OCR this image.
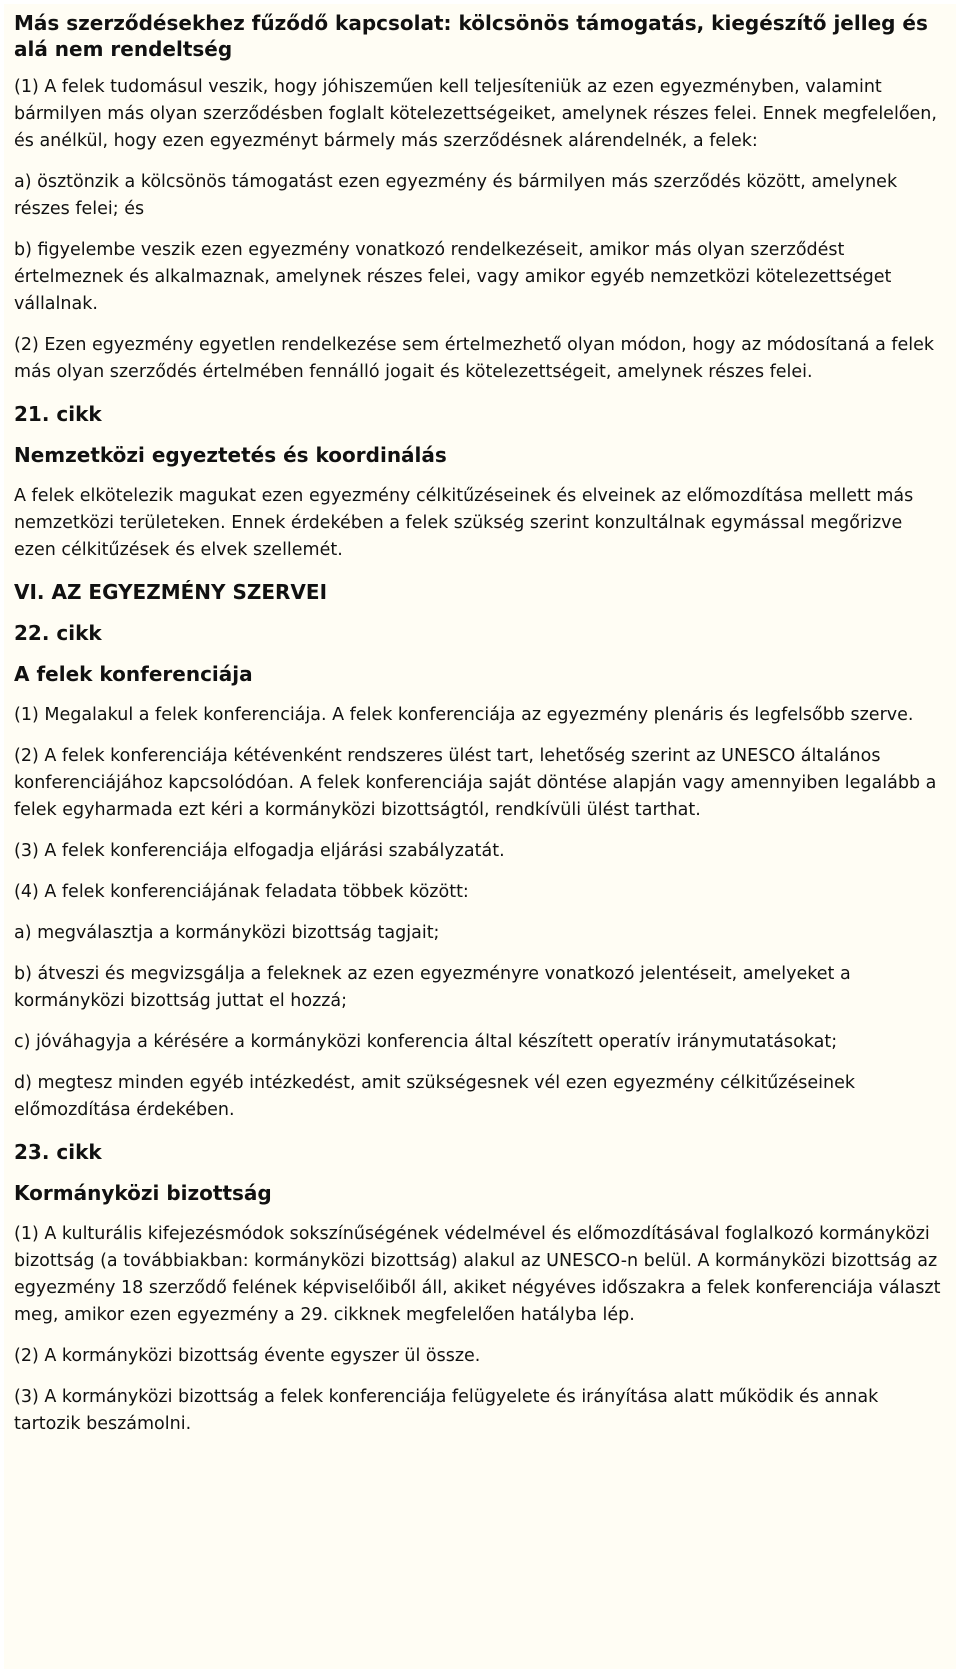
Más szerződésekhez fűződő kapcsolat: kölcsönös támogatás, kiegészítő jelleg és alá nem rendeltség

(1) A felek tudomásul veszik, hogy jóhiszeműen kell teljesíteniük az ezen egyezményben, valamint bármilyen más olyan szerződésben foglalt kötelezettségeiket, amelynek részes felei. Ennek megfelelően, és anélkül, hogy ezen egyezményt bármely más szerződésnek alárendelnék, a felek:

a) ösztönzik a kölcsönös támogatást ezen egyezmény és bármilyen más szerződés között, amelynek részes felei; és

b) figyelembe veszik ezen egyezmény vonatkozó rendelkezéseit, amikor más olyan szerződést értelmeznek és alkalmaznak, amelynek részes felei, vagy amikor egyéb nemzetközi kötelezettséget vállalnak.

(2) Ezen egyezmény egyetlen rendelkezése sem értelmezhető olyan módon, hogy az módosítaná a felek más olyan szerződés értelmében fennálló jogait és kötelezettségeit, amelynek részes felei.

21. cikk

Nemzetközi egyeztetés és koordinálás

A felek elkötelezik magukat ezen egyezmény célkitűzéseinek és elveinek az előmozdítása mellett más nemzetközi területeken. Ennek érdekében a felek szükség szerint konzultálnak egymással megőrizve ezen célkitűzések és elvek szellemét.

VI. AZ EGYEZMÉNY SZERVEI

22. cikk

A felek konferenciája

(1) Megalakul a felek konferenciája. A felek konferenciája az egyezmény plenáris és legfelsőbb szerve.

(2) A felek konferenciája kétévenként rendszeres ülést tart, lehetőség szerint az UNESCO általános konferenciájához kapcsolódóan. A felek konferenciája saját döntése alapján vagy amennyiben legalább a felek egyharmada ezt kéri a kormányközi bizottságtól, rendkívüli ülést tarthat.

(3) A felek konferenciája elfogadja eljárási szabályzatát.

(4) A felek konferenciájának feladata többek között:

a) megválasztja a kormányközi bizottság tagjait;

b) átveszi és megvizsgálja a feleknek az ezen egyezményre vonatkozó jelentéseit, amelyeket a kormányközi bizottság juttat el hozzá;

c) jóváhagyja a kérésére a kormányközi konferencia által készített operatív iránymutatásokat;

d) megtesz minden egyéb intézkedést, amit szükségesnek vél ezen egyezmény célkitűzéseinek előmozdítása érdekében.

23. cikk

Kormányközi bizottság

(1) A kulturális kifejezésmódok sokszínűségének védelmével és előmozdításával foglalkozó kormányközi bizottság (a továbbiakban: kormányközi bizottság) alakul az UNESCO-n belül. A kormányközi bizottság az egyezmény 18 szerződő felének képviselőiből áll, akiket négyéves időszakra a felek konferenciája választ meg, amikor ezen egyezmény a 29. cikknek megfelelően hatályba lép.

(2) A kormányközi bizottság évente egyszer ül össze.

(3) A kormányközi bizottság a felek konferenciája felügyelete és irányítása alatt működik és annak tartozik beszámolni.
